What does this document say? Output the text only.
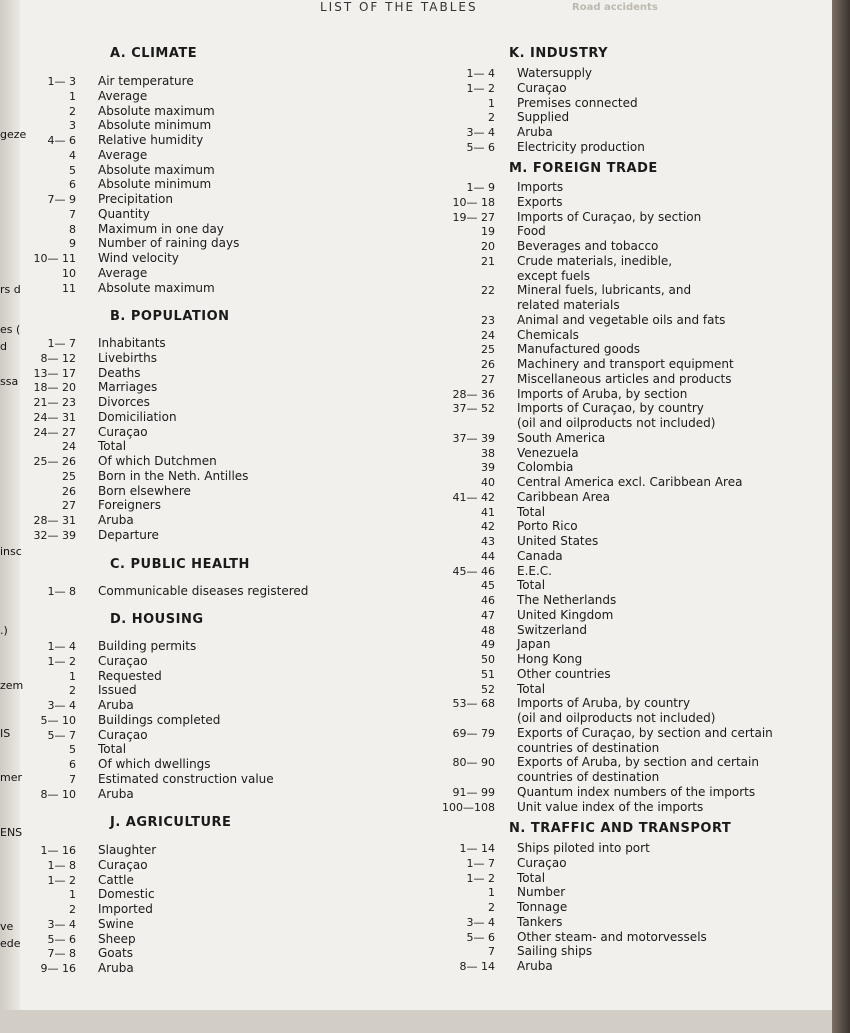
LIST OF THE TABLES	Road accidents
geze
rs d
es (
d
ssa
insc
.)
zem
IS
mer
ENS
ve
ede
A. CLIMATE
1— 3 Air temperature
1 Average
2 Absolute maximum
3 Absolute minimum
4— 6 Relative humidity
4 Average
5 Absolute maximum
6 Absolute minimum
7— 9 Precipitation
7 Quantity
8 Maximum in one day
9 Number of raining days
10— 11 Wind velocity
10 Average
11 Absolute maximum
B. POPULATION
1— 7 Inhabitants
8— 12 Livebirths
13— 17 Deaths
18— 20 Marriages
21— 23 Divorces
24— 31 Domiciliation
24— 27 Curaçao
24 Total
25— 26 Of which Dutchmen
25 Born in the Neth. Antilles
26 Born elsewhere
27 Foreigners
28— 31 Aruba
32— 39 Departure
C. PUBLIC HEALTH
1— 8 Communicable diseases registered
D. HOUSING
1— 4 Building permits
1— 2 Curaçao
1 Requested
2 Issued
3— 4 Aruba
5— 10 Buildings completed
5— 7 Curaçao
5 Total
6 Of which dwellings
7 Estimated construction value
8— 10 Aruba
J. AGRICULTURE
1— 16 Slaughter
1— 8 Curaçao
1— 2 Cattle
1 Domestic
2 Imported
3— 4 Swine
5— 6 Sheep
7— 8 Goats
9— 16 Aruba
K. INDUSTRY
1— 4 Watersupply
1— 2 Curaçao
1 Premises connected
2 Supplied
3— 4 Aruba
5— 6 Electricity production
M. FOREIGN TRADE
1— 9 Imports
10— 18 Exports
19— 27 Imports of Curaçao, by section
19 Food
20 Beverages and tobacco
21 Crude materials, inedible,
except fuels
22 Mineral fuels, lubricants, and
related materials
23 Animal and vegetable oils and fats
24 Chemicals
25 Manufactured goods
26 Machinery and transport equipment
27 Miscellaneous articles and products
28— 36 Imports of Aruba, by section
37— 52 Imports of Curaçao, by country
(oil and oilproducts not included)
37— 39 South America
38 Venezuela
39 Colombia
40 Central America excl. Caribbean Area
41— 42 Caribbean Area
41 Total
42 Porto Rico
43 United States
44 Canada
45— 46 E.E.C.
45 Total
46 The Netherlands
47 United Kingdom
48 Switzerland
49 Japan
50 Hong Kong
51 Other countries
52 Total
53— 68 Imports of Aruba, by country
(oil and oilproducts not included)
69— 79 Exports of Curaçao, by section and certain
countries of destination
80— 90 Exports of Aruba, by section and certain
countries of destination
91— 99 Quantum index numbers of the imports
100—108 Unit value index of the imports
N. TRAFFIC AND TRANSPORT
1— 14 Ships piloted into port
1— 7 Curaçao
1— 2 Total
1 Number
2 Tonnage
3— 4 Tankers
5— 6 Other steam- and motorvessels
7 Sailing ships
8— 14 Aruba
